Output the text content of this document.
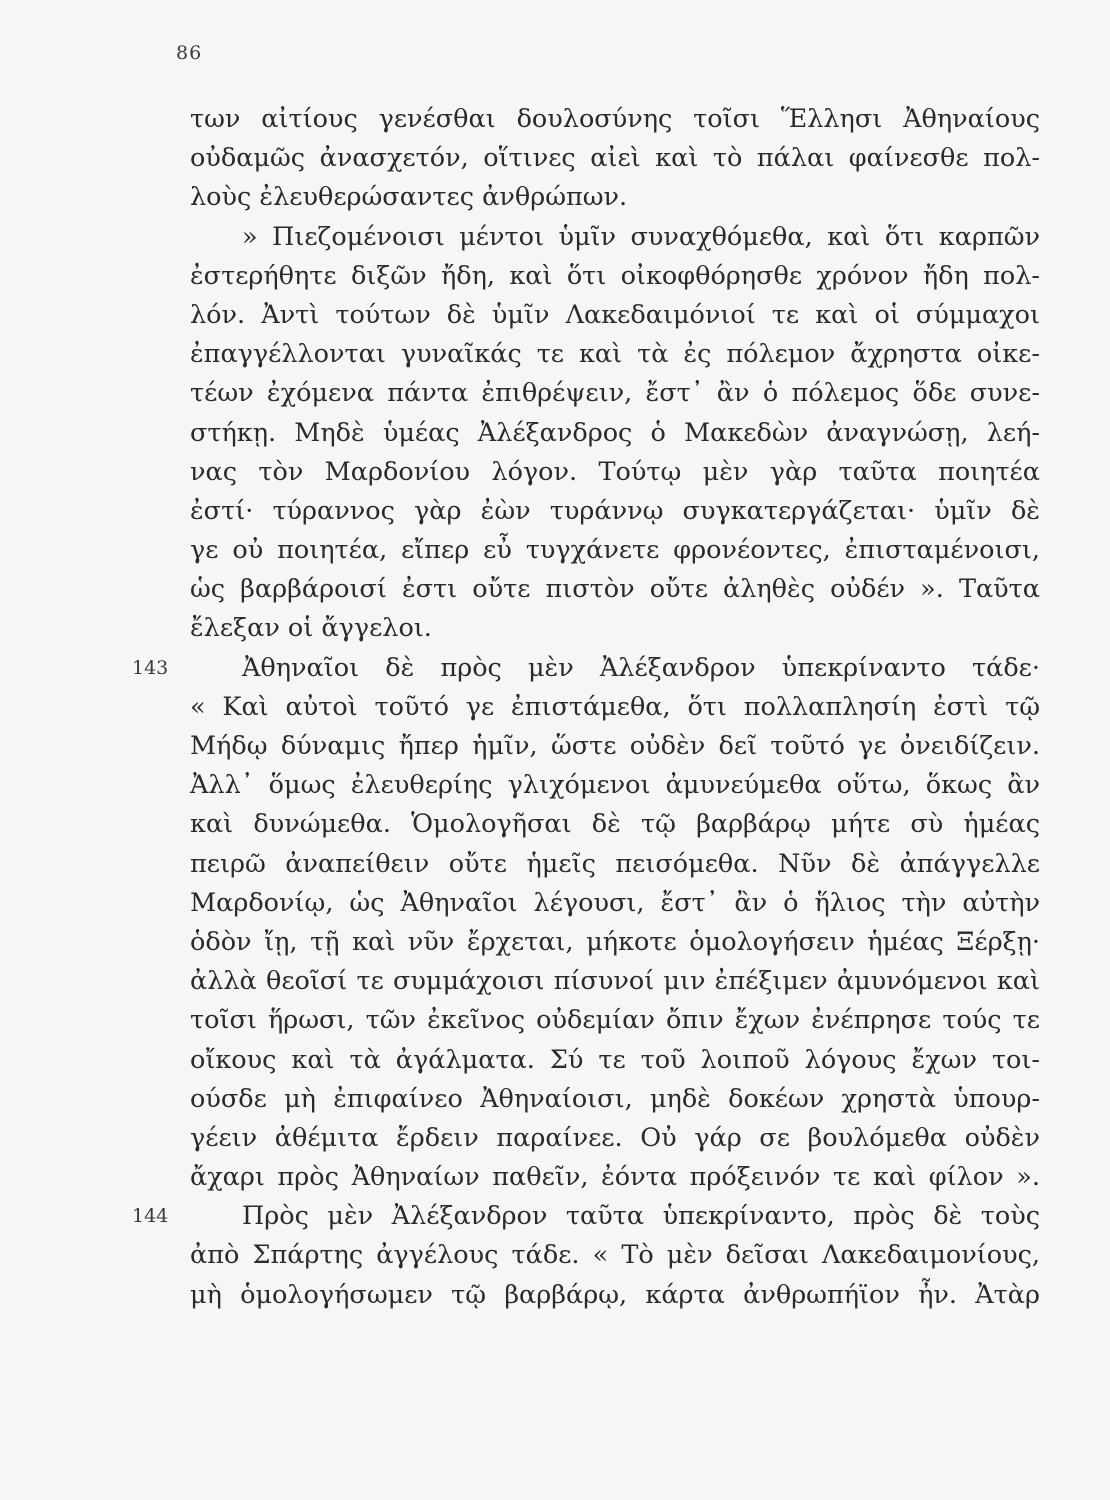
86
των αἰτίους γενέσθαι δουλοσύνης τοῖσι Ἕλλησι Ἀθηναίους
οὐδαμῶς ἀνασχετόν, οἵτινες αἰεὶ καὶ τὸ πάλαι φαίνεσθε πολ-
λοὺς ἐλευθερώσαντες ἀνθρώπων.
» Πιεζομένοισι μέντοι ὑμῖν συναχθόμεθα, καὶ ὅτι καρπῶν
ἐστερήθητε διξῶν ἤδη, καὶ ὅτι οἰκοφθόρησθε χρόνον ἤδη πολ-
λόν. Ἀντὶ τούτων δὲ ὑμῖν Λακεδαιμόνιοί τε καὶ οἱ σύμμαχοι
ἐπαγγέλλονται γυναῖκάς τε καὶ τὰ ἐς πόλεμον ἄχρηστα οἰκε-
τέων ἐχόμενα πάντα ἐπιθρέψειν, ἔστ᾽ ἂν ὁ πόλεμος ὅδε συνε-
στήκῃ. Μηδὲ ὑμέας Ἀλέξανδρος ὁ Μακεδὼν ἀναγνώσῃ, λεή-
νας τὸν Μαρδονίου λόγον. Τούτῳ μὲν γὰρ ταῦτα ποιητέα
ἐστί· τύραννος γὰρ ἐὼν τυράννῳ συγκατεργάζεται· ὑμῖν δὲ
γε οὐ ποιητέα, εἴπερ εὖ τυγχάνετε φρονέοντες, ἐπισταμένοισι,
ὡς βαρβάροισί ἐστι οὔτε πιστὸν οὔτε ἀληθὲς οὐδέν ». Ταῦτα
ἔλεξαν οἱ ἄγγελοι.
143	Ἀθηναῖοι δὲ πρὸς μὲν Ἀλέξανδρον ὑπεκρίναντο τάδε·
« Καὶ αὐτοὶ τοῦτό γε ἐπιστάμεθα, ὅτι πολλαπλησίη ἐστὶ τῷ
Μήδῳ δύναμις ἤπερ ἡμῖν, ὥστε οὐδὲν δεῖ τοῦτό γε ὀνειδίζειν.
Ἀλλ᾽ ὅμως ἐλευθερίης γλιχόμενοι ἀμυνεύμεθα οὕτω, ὅκως ἂν
καὶ δυνώμεθα. Ὁμολογῆσαι δὲ τῷ βαρβάρῳ μήτε σὺ ἡμέας
πειρῶ ἀναπείθειν οὔτε ἡμεῖς πεισόμεθα. Νῦν δὲ ἀπάγγελλε
Μαρδονίῳ, ὡς Ἀθηναῖοι λέγουσι, ἔστ᾽ ἂν ὁ ἥλιος τὴν αὐτὴν
ὁδὸν ἴῃ, τῇ καὶ νῦν ἔρχεται, μήκοτε ὁμολογήσειν ἡμέας Ξέρξῃ·
ἀλλὰ θεοῖσί τε συμμάχοισι πίσυνοί μιν ἐπέξιμεν ἀμυνόμενοι καὶ
τοῖσι ἥρωσι, τῶν ἐκεῖνος οὐδεμίαν ὄπιν ἔχων ἐνέπρησε τούς τε
οἴκους καὶ τὰ ἀγάλματα. Σύ τε τοῦ λοιποῦ λόγους ἔχων τοι-
ούσδε μὴ ἐπιφαίνεο Ἀθηναίοισι, μηδὲ δοκέων χρηστὰ ὑπουρ-
γέειν ἀθέμιτα ἔρδειν παραίνεε. Οὐ γάρ σε βουλόμεθα οὐδὲν
ἄχαρι πρὸς Ἀθηναίων παθεῖν, ἐόντα πρόξεινόν τε καὶ φίλον ».
144	Πρὸς μὲν Ἀλέξανδρον ταῦτα ὑπεκρίναντο, πρὸς δὲ τοὺς
ἀπὸ Σπάρτης ἀγγέλους τάδε. « Τὸ μὲν δεῖσαι Λακεδαιμονίους,
μὴ ὁμολογήσωμεν τῷ βαρβάρῳ, κάρτα ἀνθρωπήϊον ἦν. Ἀτὰρ
